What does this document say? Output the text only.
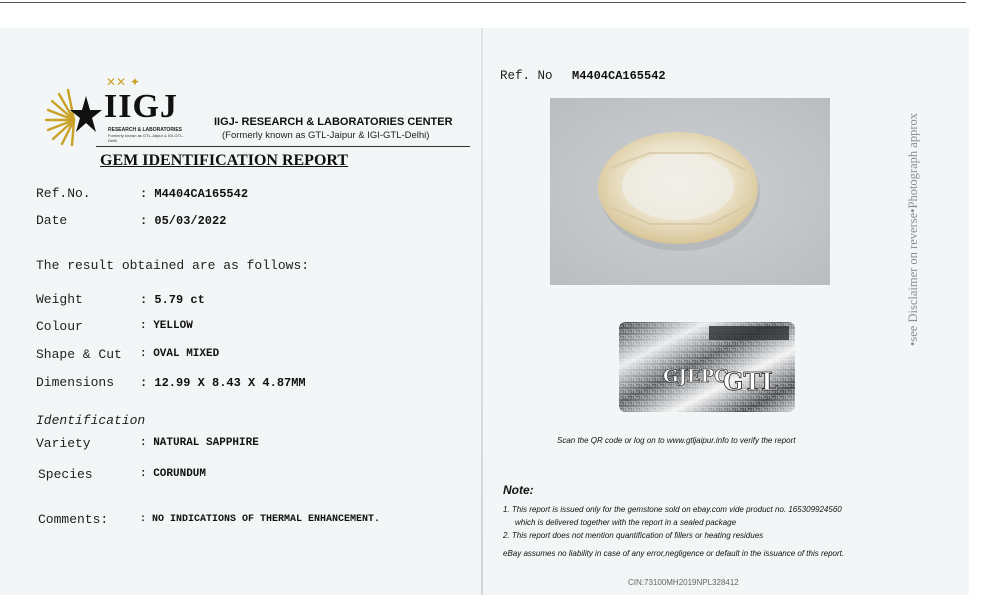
✕✕ ✦
IIGJ
RESEARCH & LABORATORIES
Formerly known as GTL-Jaipur & IGI-GTL-Delhi
IIGJ- RESEARCH & LABORATORIES CENTER
(Formerly known as GTL-Jaipur & IGI-GTL-Delhi)
GEM IDENTIFICATION REPORT
Ref.No.	: M4404CA165542
Date	: 05/03/2022
The result obtained are as follows:
Weight	: 5.79 ct
Colour	: YELLOW
Shape & Cut : OVAL MIXED
Dimensions : 12.99 X 8.43 X 4.87MM
Identification
Variety	: NATURAL SAPPHIRE
Species	: CORUNDUM
Comments:	: NO INDICATIONS OF THERMAL ENHANCEMENT.
Ref. No M4404CA165542
GJEPC
GTL
Scan the QR code or log on to www.gtljaipur.info to verify the report
Note:
1. This report is issued only for the gemstone sold on ebay.com vide product no. 165309924560
which is delivered together with the report in a sealed package
2. This report does not mention quantification of fillers or heating residues
eBay assumes no liability in case of any error,negligence or default in the issuance of this report.
CIN:73100MH2019NPL328412
•see Disclaimer on reverse•Photograph approx
